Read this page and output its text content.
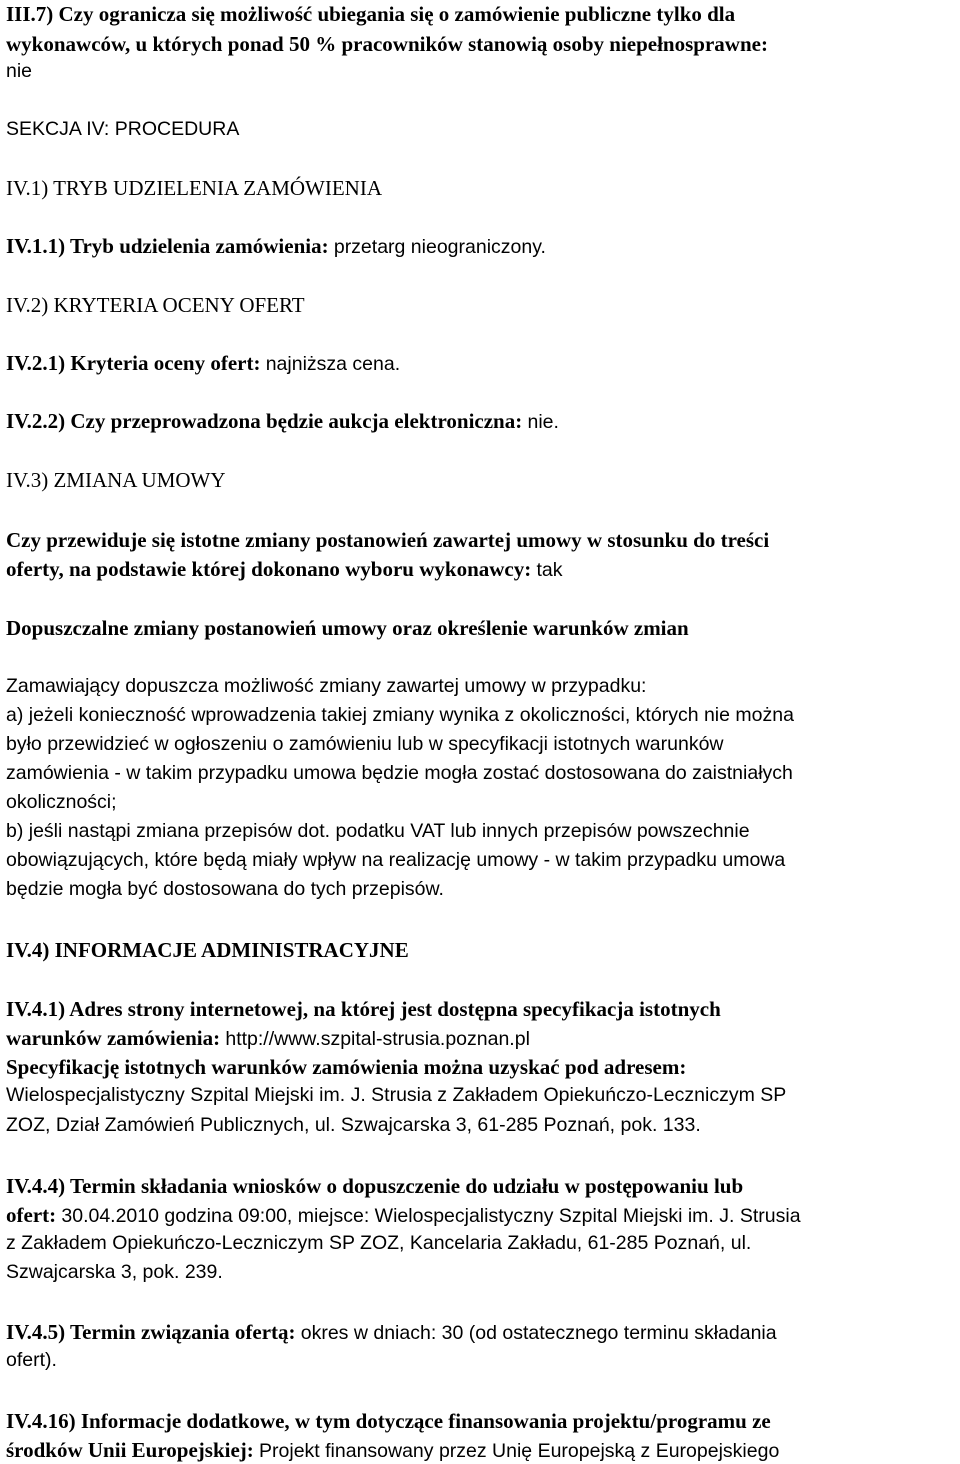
III.7) Czy ogranicza się możliwość ubiegania się o zamówienie publiczne tylko dla
wykonawców, u których ponad 50 % pracowników stanowią osoby niepełnosprawne:
nie
SEKCJA IV: PROCEDURA
IV.1) TRYB UDZIELENIA ZAMÓWIENIA
IV.1.1) Tryb udzielenia zamówienia: przetarg nieograniczony.
IV.2) KRYTERIA OCENY OFERT
IV.2.1) Kryteria oceny ofert: najniższa cena.
IV.2.2) Czy przeprowadzona będzie aukcja elektroniczna: nie.
IV.3) ZMIANA UMOWY
Czy przewiduje się istotne zmiany postanowień zawartej umowy w stosunku do treści
oferty, na podstawie której dokonano wyboru wykonawcy: tak
Dopuszczalne zmiany postanowień umowy oraz określenie warunków zmian
Zamawiający dopuszcza możliwość zmiany zawartej umowy w przypadku:
a) jeżeli konieczność wprowadzenia takiej zmiany wynika z okoliczności, których nie można
było przewidzieć w ogłoszeniu o zamówieniu lub w specyfikacji istotnych warunków
zamówienia - w takim przypadku umowa będzie mogła zostać dostosowana do zaistniałych
okoliczności;
b) jeśli nastąpi zmiana przepisów dot. podatku VAT lub innych przepisów powszechnie
obowiązujących, które będą miały wpływ na realizację umowy - w takim przypadku umowa
będzie mogła być dostosowana do tych przepisów.
IV.4) INFORMACJE ADMINISTRACYJNE
IV.4.1) Adres strony internetowej, na której jest dostępna specyfikacja istotnych
warunków zamówienia: http://www.szpital-strusia.poznan.pl
Specyfikację istotnych warunków zamówienia można uzyskać pod adresem:
Wielospecjalistyczny Szpital Miejski im. J. Strusia z Zakładem Opiekuńczo-Leczniczym SP
ZOZ, Dział Zamówień Publicznych, ul. Szwajcarska 3, 61-285 Poznań, pok. 133.
IV.4.4) Termin składania wniosków o dopuszczenie do udziału w postępowaniu lub
ofert: 30.04.2010 godzina 09:00, miejsce: Wielospecjalistyczny Szpital Miejski im. J. Strusia
z Zakładem Opiekuńczo-Leczniczym SP ZOZ, Kancelaria Zakładu, 61-285 Poznań, ul.
Szwajcarska 3, pok. 239.
IV.4.5) Termin związania ofertą: okres w dniach: 30 (od ostatecznego terminu składania
ofert).
IV.4.16) Informacje dodatkowe, w tym dotyczące finansowania projektu/programu ze
środków Unii Europejskiej: Projekt finansowany przez Unię Europejską z Europejskiego
